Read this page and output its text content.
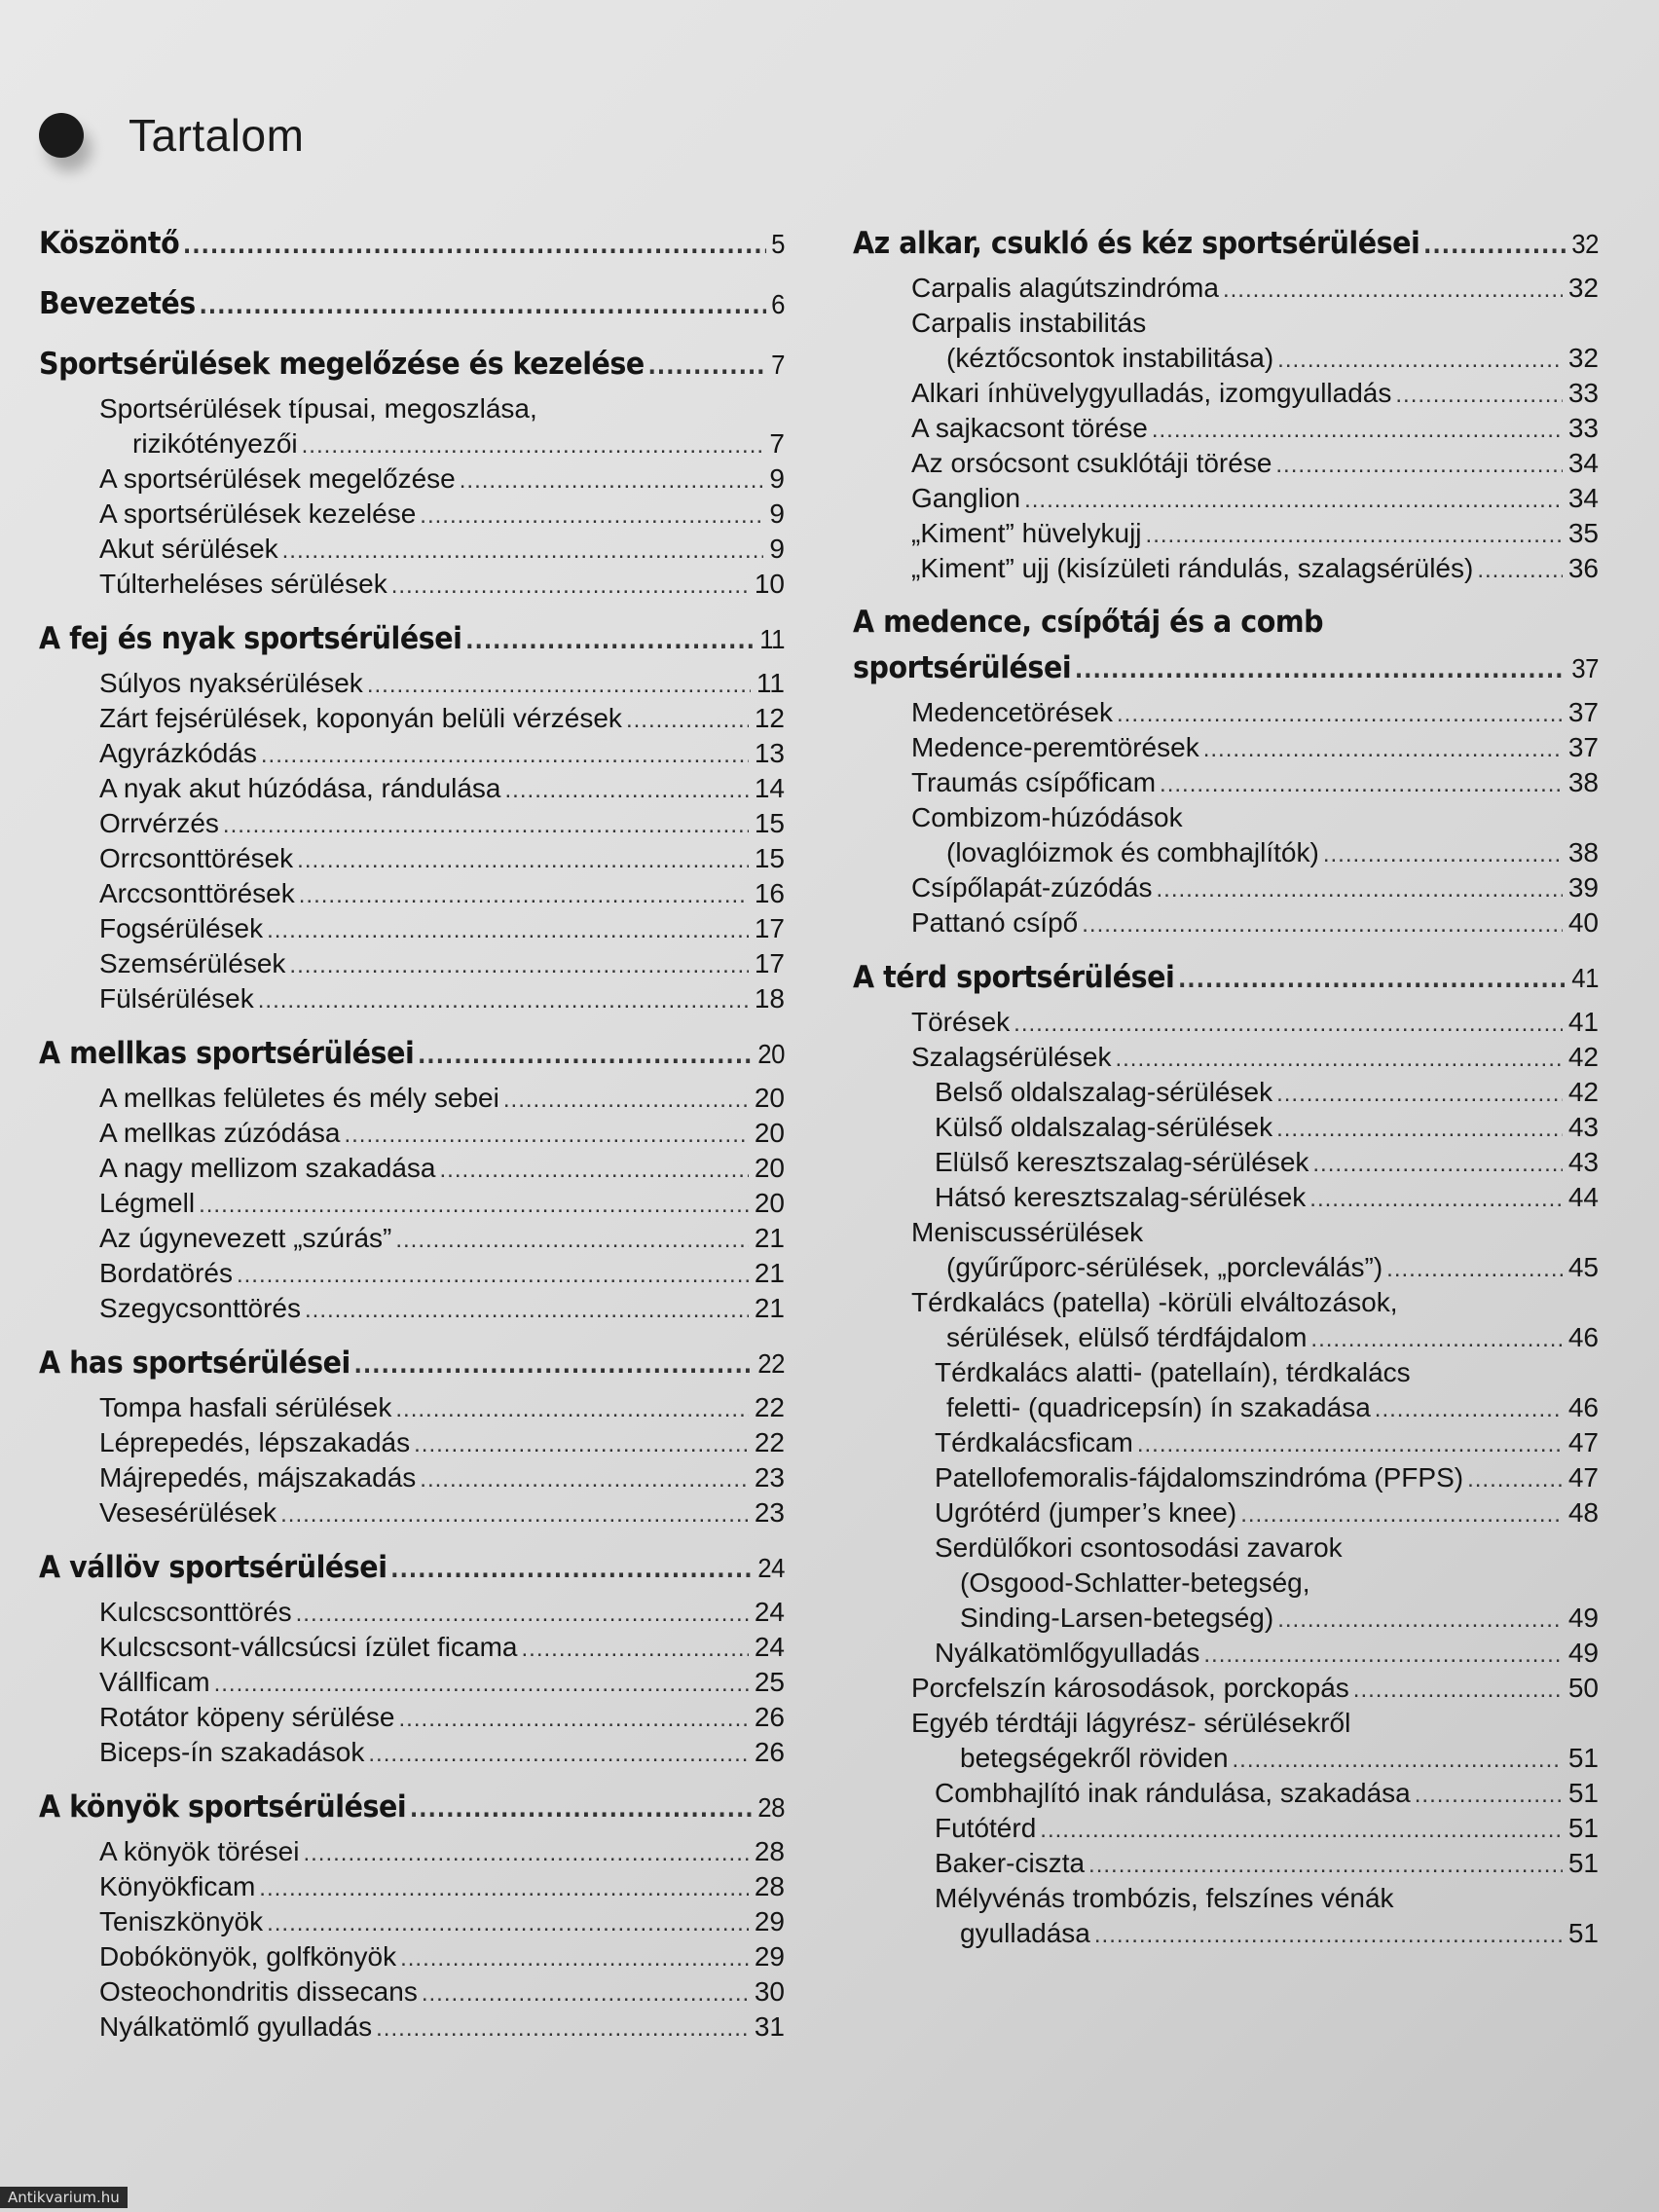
Tartalom
Köszöntő .....	5
Bevezetés .....	6
Sportsérülések megelőzése és kezelése .....	7
Sportsérülések típusai, megoszlása,
rizikótényezői .....	7
A sportsérülések megelőzése .....	9
A sportsérülések kezelése .....	9
Akut sérülések .....	9
Túlterheléses sérülések .....	10
A fej és nyak sportsérülései .....	11
Súlyos nyaksérülések .....	11
Zárt fejsérülések, koponyán belüli vérzések .....	12
Agyrázkódás .....	13
A nyak akut húzódása, rándulása .....	14
Orrvérzés .....	15
Orrcsonttörések .....	15
Arccsonttörések .....	16
Fogsérülések .....	17
Szemsérülések .....	17
Fülsérülések .....	18
A mellkas sportsérülései .....	20
A mellkas felületes és mély sebei .....	20
A mellkas zúzódása .....	20
A nagy mellizom szakadása .....	20
Légmell .....	20
Az úgynevezett „szúrás” .....	21
Bordatörés .....	21
Szegycsonttörés .....	21
A has sportsérülései .....	22
Tompa hasfali sérülések .....	22
Léprepedés, lépszakadás .....	22
Májrepedés, májszakadás .....	23
Vesesérülések .....	23
A vállöv sportsérülései .....	24
Kulcscsonttörés .....	24
Kulcscsont-vállcsúcsi ízület ficama .....	24
Vállficam .....	25
Rotátor köpeny sérülése .....	26
Biceps-ín szakadások .....	26
A könyök sportsérülései .....	28
A könyök törései .....	28
Könyökficam .....	28
Teniszkönyök .....	29
Dobókönyök, golfkönyök .....	29
Osteochondritis dissecans .....	30
Nyálkatömlő gyulladás .....	31
Az alkar, csukló és kéz sportsérülései .....	32
Carpalis alagútszindróma .....	32
Carpalis instabilitás
(kéztőcsontok instabilitása) .....	32
Alkari ínhüvelygyulladás, izomgyulladás .....	33
A sajkacsont törése .....	33
Az orsócsont csuklótáji törése .....	34
Ganglion .....	34
„Kiment” hüvelykujj .....	35
„Kiment” ujj (kisízületi rándulás, szalagsérülés) .....	36
A medence, csípőtáj és a comb
sportsérülései .....	37
Medencetörések .....	37
Medence-peremtörések .....	37
Traumás csípőficam .....	38
Combizom-húzódások
(lovaglóizmok és combhajlítók) .....	38
Csípőlapát-zúzódás .....	39
Pattanó csípő .....	40
A térd sportsérülései .....	41
Törések .....	41
Szalagsérülések .....	42
Belső oldalszalag-sérülések .....	42
Külső oldalszalag-sérülések .....	43
Elülső keresztszalag-sérülések .....	43
Hátsó keresztszalag-sérülések .....	44
Meniscussérülések
(gyűrűporc-sérülések, „porcleválás”) .....	45
Térdkalács (patella) -körüli elváltozások,
sérülések, elülső térdfájdalom .....	46
Térdkalács alatti- (patellaín), térdkalács
feletti- (quadricepsín) ín szakadása .....	46
Térdkalácsficam .....	47
Patellofemoralis-fájdalomszindróma (PFPS) .....	47
Ugrótérd (jumper’s knee) .....	48
Serdülőkori csontosodási zavarok
(Osgood-Schlatter-betegség,
Sinding-Larsen-betegség) .....	49
Nyálkatömlőgyulladás .....	49
Porcfelszín károsodások, porckopás .....	50
Egyéb térdtáji lágyrész- sérülésekről
betegségekről röviden .....	51
Combhajlító inak rándulása, szakadása .....	51
Futótérd .....	51
Baker-ciszta .....	51
Mélyvénás trombózis, felszínes vénák
gyulladása .....	51
Antikvarium.hu
